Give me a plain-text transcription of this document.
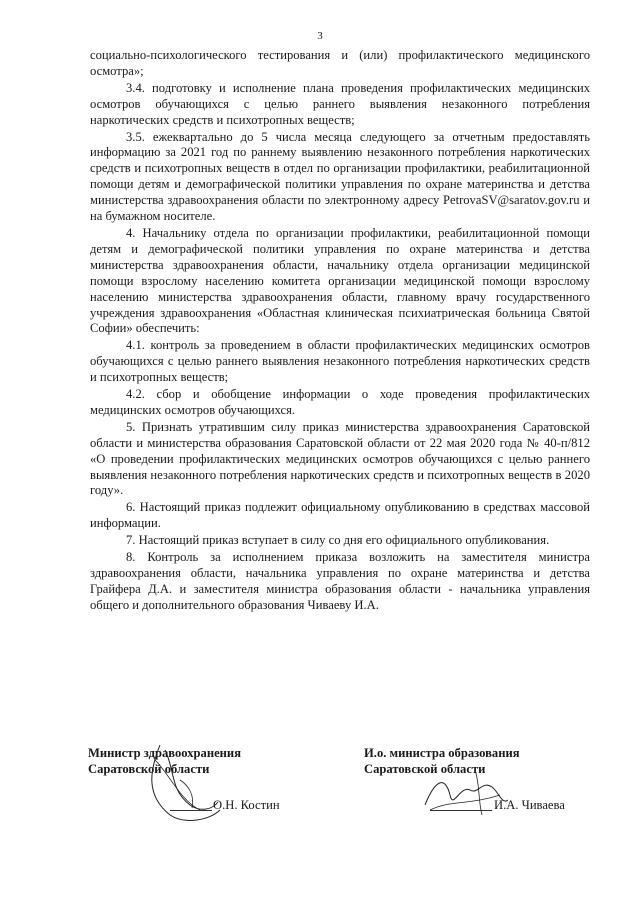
3

социально-психологического тестирования и (или) профилактического медицинского осмотра»;

3.4. подготовку и исполнение плана проведения профилактических медицинских осмотров обучающихся с целью раннего выявления незаконного потребления наркотических средств и психотропных веществ;

3.5. ежеквартально до 5 числа месяца следующего за отчетным предоставлять информацию за 2021 год по раннему выявлению незаконного потребления наркотических средств и психотропных веществ в отдел по организации профилактики, реабилитационной помощи детям и демографической политики управления по охране материнства и детства министерства здравоохранения области по электронному адресу PetrovaSV@saratov.gov.ru и на бумажном носителе.

4. Начальнику отдела по организации профилактики, реабилитационной помощи детям и демографической политики управления по охране материнства и детства министерства здравоохранения области, начальнику отдела организации медицинской помощи взрослому населению комитета организации медицинской помощи взрослому населению министерства здравоохранения области, главному врачу государственного учреждения здравоохранения «Областная клиническая психиатрическая больница Святой Софии» обеспечить:

4.1. контроль за проведением в области профилактических медицинских осмотров обучающихся с целью раннего выявления незаконного потребления наркотических средств и психотропных веществ;

4.2. сбор и обобщение информации о ходе проведения профилактических медицинских осмотров обучающихся.

5. Признать утратившим силу приказ министерства здравоохранения Саратовской области и министерства образования Саратовской области от 22 мая 2020 года № 40-п/812 «О проведении профилактических медицинских осмотров обучающихся с целью раннего выявления незаконного потребления наркотических средств и психотропных веществ в 2020 году».

6. Настоящий приказ подлежит официальному опубликованию в средствах массовой информации.

7. Настоящий приказ вступает в силу со дня его официального опубликования.

8. Контроль за исполнением приказа возложить на заместителя министра здравоохранения области, начальника управления по охране материнства и детства Грайфера Д.А. и заместителя министра образования области - начальника управления общего и дополнительного образования Чиваеву И.А.

Министр здравоохранения
Саратовской области
О.Н. Костин
И.о. министра образования
Саратовской области
И.А. Чиваева
